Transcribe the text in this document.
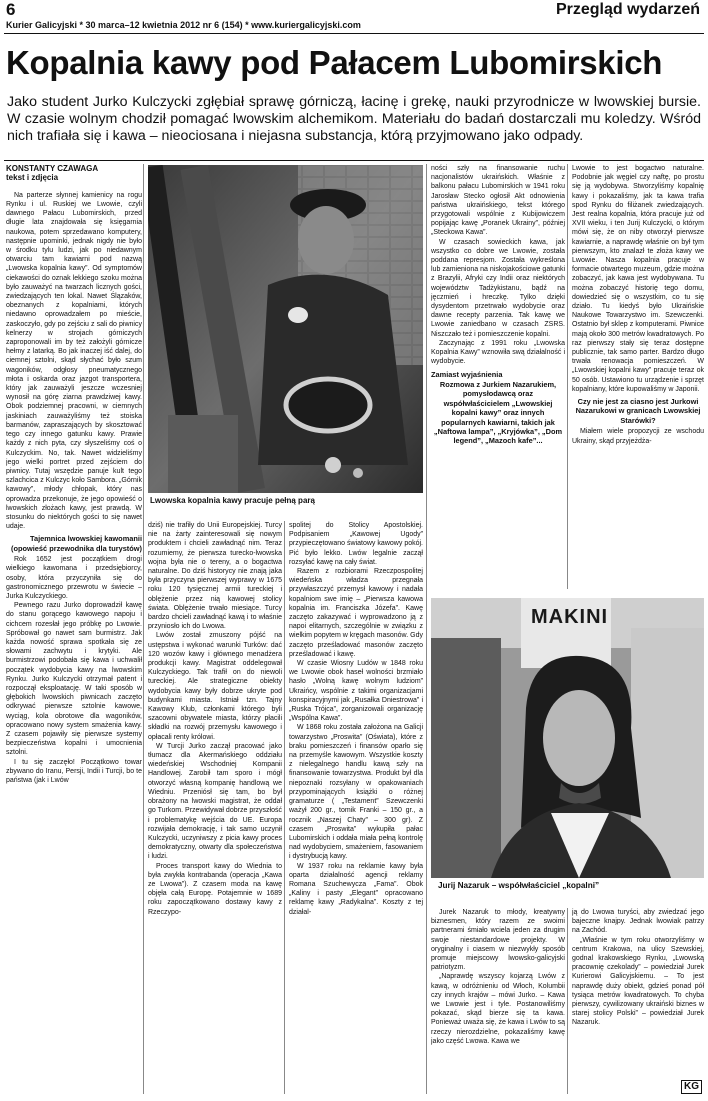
6	Przegląd wydarzeń
Kurier Galicyjski * 30 marca–12 kwietnia 2012 nr 6 (154) * www.kuriergalicyjski.com
Kopalnia kawy pod Pałacem Lubomirskich
Jako student Jurko Kulczycki zgłębiał sprawę górniczą, łacinę i grekę, nauki przyrodnicze w lwowskiej bursie. W czasie wolnym chodził pomagać lwowskim alchemikom. Materiału do badań dostarczali mu koledzy. Wśród nich trafiała się i kawa – nieociosana i niejasna substancja, którą przyjmowano jako odpady.

KONSTANTY CZAWAGA

tekst i zdjęcia

Na parterze słynnej kamienicy na rogu Rynku i ul. Ruskiej we Lwowie, czyli dawnego Pałacu Lubomirskich, przed długie lata znajdowała się księgarnia naukowa, potem sprzedawano komputery, następnie upominki, jednak nigdy nie było w środku tylu ludzi, jak po niedawnym otwarciu tam kawiarni pod nazwą „Lwowska kopalnia kawy”. Od symptomów ciekawości do oznak lekkiego szoku można było zauważyć na twarzach licznych gości, zwiedzających ten lokal. Nawet Ślązaków, obeznanych z kopalniami, których niedawno oprowadzałem po mieście, zaskoczyło, gdy po zejściu z sali do piwnicy kelnerzy w strojach górniczych zaproponowali im by też założyli górnicze hełmy z latarką. Bo jak inaczej iść dalej, do ciemnej sztolni, skąd słychać było szum wagoników, odgłosy pneumatycznego młota i oskarda oraz jazgot transportera, który jak zauważyli jeszcze wczesniej wynosił na górę ziarna prawdziwej kawy. Obok podziemnej pracowni, w ciemnych jaskiniach zauważyliśmy też stoiska barmanów, zapraszających by skosztować tego czy innego gatunku kawy. Prawie każdy z nich pyta, czy słyszeliśmy coś o Kulczyckim. No, tak. Nawet widzieliśmy jego wielki portret przed zejściem do piwnicy. Tutaj wszędzie panuje kult tego szlachcica z Kulczyc koło Sambora. „Górnik kawowy”, młody chłopak, który nas oprowadza przekonuje, że jego opowieść o lwowskich złożach kawy, jest prawdą. W stosunku do niektórych gości to się nawet udaje.

Tajemnica lwowskiej kawomanii (opowieść przewodnika dla turystów)

Rok 1652 jest początkiem drogi wielkiego kawomana i przedsiębiorcy, osoby, która przyczyniła się do gastronomicznego przewrotu w świecie – Jurka Kulczyckiego.

Pewnego razu Jurko doprowadził kawę do stanu gorącego kawowego napoju i cichcem rozesłał jego próbkę po Lwowie. Spróbował go nawet sam burmistrz. Jak każda nowość sprawa spotkała się ze słowami zachwytu i krytyki. Ale burmistrzowi podobała się kawa i uchwalił początek wydobycia kawy na lwowskim Rynku. Jurko Kulczycki otrzymał patent i rozpoczął eksploatację. W taki sposób w głębokich lwowskich piwnicach zaczęto odkrywać pierwsze sztolnie kawowe, wyciąg, kola obrotowe dla wagoników, opracowano nowy system smażenia kawy. Z czasem pojawiły się pierwsze systemy bezpieczeństwa kopalni i umocnienia sztolni.

I tu się zaczęło! Początkowo towar zbywano do Iranu, Persji, Indii i Turcji, bo te państwa (jak i Lwów

Lwowska kopalnia kawy pracuje pełną parą

dziś) nie trafiły do Unii Europejskiej. Turcy nie na żarty zainteresowali się nowym produktem i chcieli zawładnąć nim. Teraz rozumiemy, że pierwsza turecko-lwowska wojna była nie o tereny, a o bogactwa naturalne. Do dziś historycy nie znają jaka była przyczyna pierwszej wyprawy w 1675 roku 120 tysięcznej armii tureckiej i oblężenie przez nią kawowej stolicy świata. Oblężenie trwało miesiące. Turcy bardzo chcieli zawładnąć kawą i to właśnie przyniosło ich do Lwowa.

Lwów został zmuszony pójść na ustępstwa i wykonać warunki Turków: dać 120 wozów kawy i głównego menadżera produkcji kawy. Magistrat oddelegował Kulczyckiego. Tak trafił on do niewoli tureckiej. Ale strategiczne obiekty wydobycia kawy były dobrze ukryte pod budynkami miasta. Istniał tzn. Tajny Kawowy Klub, członkami którego byli szacowni obywatele miasta, którzy płacili składki na rozwój przemysłu kawowego i opłacali renty królowi.

W Turcji Jurko zaczął pracować jako tłumacz dla Akermańskiego oddziału wiedeńskiej Wschodniej Kompanii Handlowej. Zarobił tam sporo i mógł otworzyć własną kompanię handlową we Wiedniu. Przeniósł się tam, bo był obrażony na lwowski magistrat, że oddał go Turkom. Przewidywał dobrze przyszłość i problematykę wejścia do UE. Europa rozwijała demokrację, i tak samo uczynił Kulczycki, uczyniwszy z picia kawy proces demokratyczny, otwarty dla społeczeństwa i ludzi.

Proces transport kawy do Wiednia to była zwykła kontrabanda (operacja „Kawa ze Lwowa”). Z czasem moda na kawę objęła całą Europę. Potajemnie w 1689 roku zapoczątkowano dostawy kawy z Rzeczypo-

spolitej do Stolicy Apostolskiej. Podpisaniem „Kawowej Ugody” przypieczętowano światowy kawowy pokój. Pić było lekko. Lwów legalnie zaczął rozsyłać kawę na cały świat.

Razem z rozbiorami Rzeczpospolitej wiedeńska władza przegnała przywłaszczyć przemysł kawowy i nadała kopalniom swe imię – „Pierwsza kawowa kopalnia im. Franciszka Józefa”. Kawę zaczęto zakazywać i wyprowadzono ją z napoi elitarnych, szczególnie w związku z wielkim popytem w kręgach masonów. Gdy zaczęto prześladować masonów zaczęto prześladować i kawę.

W czasie Wiosny Ludów w 1848 roku we Lwowie obok haseł wolności brzmiało hasło „Wolną kawę wolnym ludziom” Ukraińcy, wspólnie z takimi organizacjami konspiracyjnymi jak „Rusałka Dniestrowa” i „Ruska Trójca”, zorganizowali organizację „Wspólna Kawa”.

W 1868 roku została założona na Galicji towarzystwo „Proswita” (Oświata), które z braku pomieszczeń i finansów oparło się na przemyśle kawowym. Wszystkie koszty z nielegalnego handlu kawą szły na finansowanie towarzystwa. Produkt był dla niepoznaki rozsyłany w opakowaniach przypominających książki o różnej gramaturze ( „Testament” Szewczenki ważył 200 gr., tomik Franki – 150 gr., a rocznik „Naszej Chaty” – 300 gr). Z czasem „Proswita” wykupiła pałac Lubomirskich i oddała miała pełną kontrolę nad wydobyciem, smażeniem, fasowaniem i dystrybucją kawy.

W 1937 roku na reklamie kawy była oparta działalność agencji reklamy Romana Szuchewycza „Fama”. Obok „Kaliny i pasty „Elegant” opracowano reklamę kawy „Radykalna”. Koszty z tej działal-

ności szły na finansowanie ruchu nacjonalistów ukraińskich. Właśnie z balkonu pałacu Lubomirskich w 1941 roku Jarosław Stecko ogłosił Akt odnowienia państwa ukraińskiego, tekst którego przygotowali wspólnie z Kubijowiczem popijając kawę „Poranek Ukrainy”, później „Steckowa Kawa”.

W czasach sowieckich kawa, jak wszystko co dobre we Lwowie, została poddana represjom. Została wykreślona lub zamieniona na niskojakościowe gatunki z Brazylii, Afryki czy Indii oraz niektórych województw Tadżykistanu, bądź na jęczmień i hreczkę. Tylko dzięki dysydentom przetrwało wydobycie oraz dawne recepty parzenia. Tak kawę we Lwowie zaniedbano w czasach ZSRS. Niszczało też i pomieszczenie kopalni.

Zaczynając z 1991 roku „Lwowska Kopalnia Kawy” wznowiła swą działalność i wydobycie.

Zamiast wyjaśnienia

Rozmowa z Jurkiem Nazarukiem, pomysłodawcą oraz współwłaścicielem „Lwowskiej kopalni kawy” oraz innych popularnych kawiarni, takich jak „Naftowa lampa”, „Kryjówka”, „Dom legend”, „Mazoch kafe”...

Lwowie to jest bogactwo naturalne. Podobnie jak węgiel czy naftę, po prostu się ją wydobywa. Stworzyliśmy kopalnię kawy i pokazaliśmy, jak ta kawa trafia spod Rynku do filiżanek zwiedzających. Jest realna kopalnia, która pracuje już od XVII wieku, i ten Jurij Kulczycki, o którym mówi się, że on niby otworzył pierwsze kawiarnie, a naprawdę właśnie on był tym pierwszym, kto znalazł te złoża kawy we Lwowie. Nasza kopalnia pracuje w formacie otwartego muzeum, gdzie można zobaczyć, jak kawa jest wydobywana. Tu można zobaczyć historię tego domu, dowiedzieć się o wszystkim, co tu się działo. Tu kiedyś było Ukraińskie Naukowe Towarzystwo im. Szewczenki. Ostatnio był sklep z komputerami. Piwnice mają około 300 metrów kwadratowych. Po raz pierwszy stały się teraz dostępne publicznie, tak samo parter. Bardzo długo trwała renowacja pomieszczeń. W „Lwowskiej kopalni kawy” pracuje teraz ok 50 osób. Ustawiono tu urządzenie i sprzęt kopalniany, które kupowaliśmy w Japonii.

Czy nie jest za ciasno jest Jurkowi Nazarukowi w granicach Lwowskiej Starówki?

Miałem wiele propozycji ze wschodu Ukrainy, skąd przyjeżdża-

MAKINI
Jurij Nazaruk – współwłaściciel „kopalni”

Jurek Nazaruk to młody, kreatywny biznesmen, który razem ze swoimi partnerami śmiało wciela jeden za drugim swoje niestandardowe projekty. W oryginalny i ciasem w niezwykły sposób promuje miejscowy lwowsko-galicyjski patriotyzm.

„Naprawdę wszyscy kojarzą Lwów z kawą, w odróżnieniu od Włoch, Kolumbii czy innych krajów – mówi Jurko. – Kawa we Lwowie jest i tyle. Postanowiliśmy pokazać, skąd bierze się ta kawa. Ponieważ uważa się, że kawa i Lwów to są rzeczy nierozdzielne, pokazaliśmy kawę jako część Lwowa. Kawa we

ją do Lwowa turyści, aby zwiedzać jego bajeczne knajpy. Jednak lwowiak patrzy na Zachód.

„Właśnie w tym roku otworzyliśmy w centrum Krakowa, na ulicy Szewskiej, godnal krakowskiego Rynku, „Lwowską pracownię czekolady” – powiedział Jurek Kurierowi Galicyjskiemu. – To jest naprawdę duży obiekt, gdzieś ponad pół tysiąca metrów kwadratowych. To chyba pierwszy, cywilizowany ukraiński biznes w starej stolicy Polski” – powiedział Jurek Nazaruk.

KG
